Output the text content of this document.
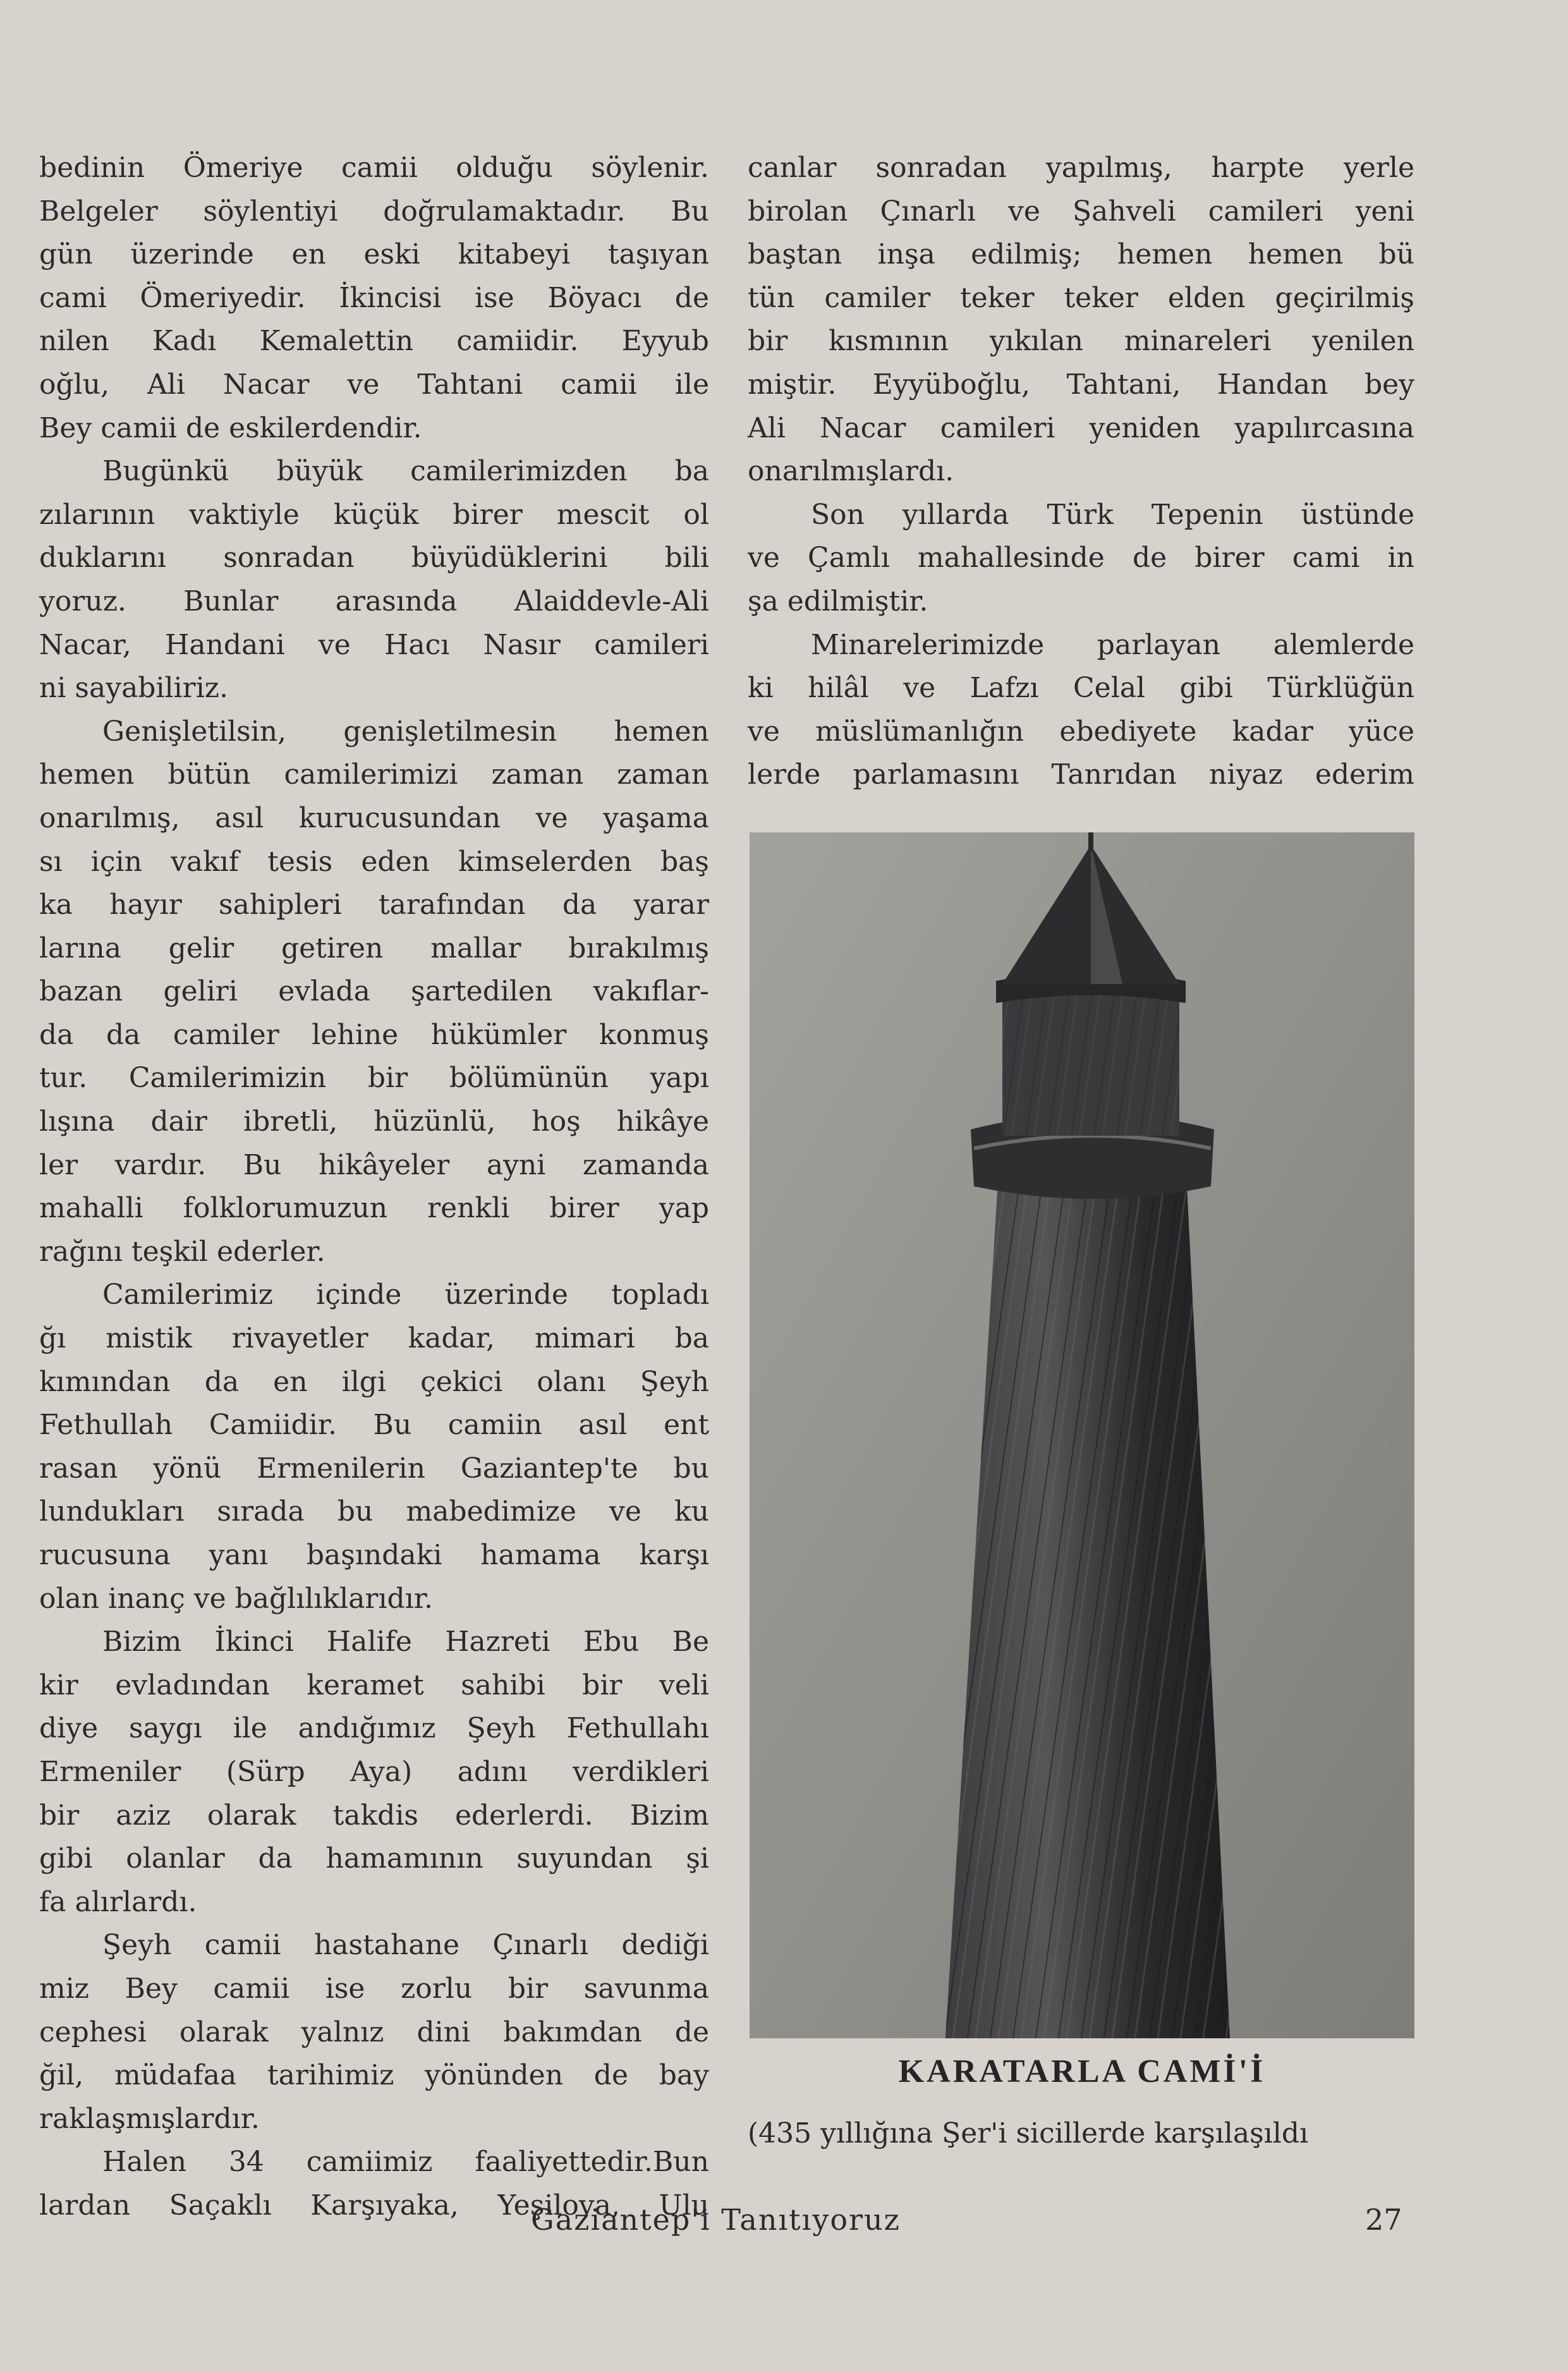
bedinin Ömeriye camii olduğu söylenir.
Belgeler söylentiyi doğrulamaktadır. Bu
gün üzerinde en eski kitabeyi taşıyan
cami Ömeriyedir. İkincisi ise Böyacı de
nilen Kadı Kemalettin camiidir. Eyyub
oğlu, Ali Nacar ve Tahtani camii ile
Bey camii de eskilerdendir.
Bugünkü büyük camilerimizden ba
zılarının vaktiyle küçük birer mescit ol
duklarını sonradan büyüdüklerini bili
yoruz. Bunlar arasında Alaiddevle-Ali
Nacar, Handani ve Hacı Nasır camileri
ni sayabiliriz.
Genişletilsin, genişletilmesin hemen
hemen bütün camilerimizi zaman zaman
onarılmış, asıl kurucusundan ve yaşama
sı için vakıf tesis eden kimselerden baş
ka hayır sahipleri tarafından da yarar
larına gelir getiren mallar bırakılmış
bazan geliri evlada şartedilen vakıflar-
da da camiler lehine hükümler konmuş
tur. Camilerimizin bir bölümünün yapı
lışına dair ibretli, hüzünlü, hoş hikâye
ler vardır. Bu hikâyeler ayni zamanda
mahalli folklorumuzun renkli birer yap
rağını teşkil ederler.
Camilerimiz içinde üzerinde topladı
ğı mistik rivayetler kadar, mimari ba
kımından da en ilgi çekici olanı Şeyh
Fethullah Camiidir. Bu camiin asıl ent
rasan yönü Ermenilerin Gaziantep'te bu
lundukları sırada bu mabedimize ve ku
rucusuna yanı başındaki hamama karşı
olan inanç ve bağlılıklarıdır.
Bizim İkinci Halife Hazreti Ebu Be
kir evladından keramet sahibi bir veli
diye saygı ile andığımız Şeyh Fethullahı
Ermeniler (Sürp Aya) adını verdikleri
bir aziz olarak takdis ederlerdi. Bizim
gibi olanlar da hamamının suyundan şi
fa alırlardı.
Şeyh camii hastahane Çınarlı dediği
miz Bey camii ise zorlu bir savunma
cephesi olarak yalnız dini bakımdan de
ğil, müdafaa tarihimiz yönünden de bay
raklaşmışlardır.
Halen 34 camiimiz faaliyettedir.Bun
lardan Saçaklı Karşıyaka, Yeşilova, Ulu
canlar sonradan yapılmış, harpte yerle
birolan Çınarlı ve Şahveli camileri yeni
baştan inşa edilmiş; hemen hemen bü
tün camiler teker teker elden geçirilmiş
bir kısmının yıkılan minareleri yenilen
miştir. Eyyüboğlu, Tahtani, Handan bey
Ali Nacar camileri yeniden yapılırcasına
onarılmışlardı.
Son yıllarda Türk Tepenin üstünde
ve Çamlı mahallesinde de birer cami in
şa edilmiştir.
Minarelerimizde parlayan alemlerde
ki hilâl ve Lafzı Celal gibi Türklüğün
ve müslümanlığın ebediyete kadar yüce
lerde parlamasını Tanrıdan niyaz ederim
KARATARLA CAMİ'İ
(435 yıllığına Şer'i sicillerde karşılaşıldı
Gaziantep'i Tanıtıyoruz	27
